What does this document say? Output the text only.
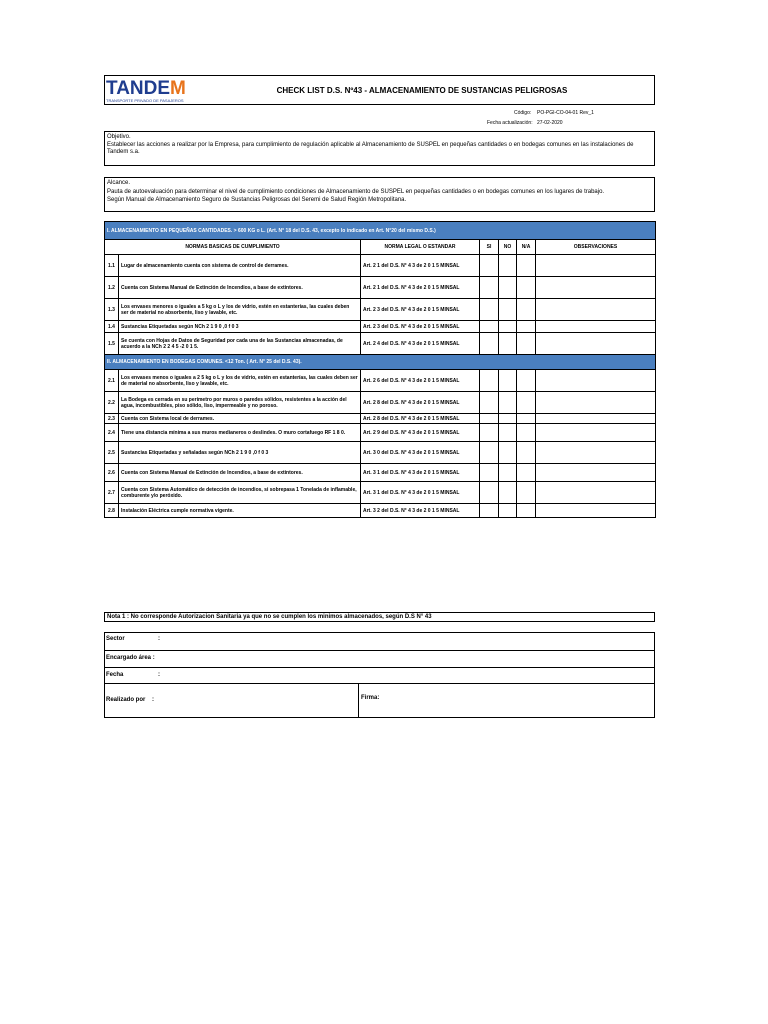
TANDEM
TRANSPORTE PRIVADO DE PASAJEROS
CHECK LIST D.S. Nº43 - ALMACENAMIENTO DE SUSTANCIAS PELIGROSAS
Código: PO-PGI-CO-04-01 Rev_1
Fecha actualización: 27-02-2020
Objetivo.
Establecer las acciones a realizar por la Empresa, para cumplimiento de regulación aplicable al Almacenamiento de SUSPEL en pequeñas cantidades o en bodegas comunes en las instalaciones de Tandem s.a.
Alcance.
Pauta de autoevaluación para determinar el nivel de cumplimiento condiciones de Almacenamiento de SUSPEL en pequeñas cantidades o en bodegas comunes en los lugares de trabajo.
Según Manual de Almacenamiento Seguro de Sustancias Peligrosas del Seremi de Salud Región Metropolitana.
I. ALMACENAMIENTO EN PEQUEÑAS CANTIDADES. > 600 KG o L. (Art. N° 18 del D.S. 43, excepto lo indicado en Art. N°20 del mismo D.S.)						
NORMAS BASICAS DE CUMPLIMIENTO		NORMA LEGAL O ESTANDAR	SI	NO	N/A	OBSERVACIONES
1.1	Lugar de almacenamiento cuenta con sistema de control de derrames.	Art. 2 1 del D.S. N° 4 3 de 2 0 1 5 MINSAL				
1.2	Cuenta con Sistema Manual de Extinción de Incendios, a base de extintores.	Art. 2 1 del D.S. N° 4 3 de 2 0 1 5 MINSAL				
1.3	Los envases menores o iguales a 5 kg o L y los de vidrio, estén en estanterías, las cuales deben ser de material no absorbente, liso y lavable, etc.	Art. 2 3 del D.S. N° 4 3 de 2 0 1 5 MINSAL				
1.4	Sustancias Etiquetadas según NCh 2 1 9 0 ,0 f 0 3	Art. 2 3 del D.S. N° 4 3 de 2 0 1 5 MINSAL				
1.5	Se cuenta con Hojas de Datos de Seguridad por cada una de las Sustancias almacenadas, de acuerdo a la NCh 2 2 4 5 -2 0 1 5.	Art. 2 4 del D.S. N° 4 3 de 2 0 1 5 MINSAL				
II. ALMACENAMIENTO EN BODEGAS COMUNES. <12 Ton. ( Art. N° 25 del D.S. 43).						
2.1	Los envases menos o iguales a 2 5 kg o L y los de vidrio, estén en estanterías, las cuales deben ser de material no absorbente, liso y lavable, etc.	Art. 2 6 del D.S. N° 4 3 de 2 0 1 5 MINSAL				
2.2	La Bodega es cerrada en su perímetro por muros o paredes sólidos, resistentes a la acción del agua, incombustibles, piso sólido, liso, impermeable y no poroso.	Art. 2 8 del D.S. N° 4 3 de 2 0 1 5 MINSAL				
2.3	Cuenta con Sistema local de derrames.	Art. 2 8 del D.S. N° 4 3 de 2 0 1 5 MINSAL				
2.4	Tiene una distancia mínima a sus muros medianeros o deslindes. O muro cortafuego RF 1 8 0.	Art. 2 9 del D.S. N° 4 3 de 2 0 1 5 MINSAL				
2.5	Sustancias Etiquetadas y señaladas según NCh 2 1 9 0 ,0 f 0 3	Art. 3 0 del D.S. N° 4 3 de 2 0 1 5 MINSAL				
2.6	Cuenta con Sistema Manual de Extinción de Incendios, a base de extintores.	Art. 3 1 del D.S. N° 4 3 de 2 0 1 5 MINSAL				
2.7	Cuenta con Sistema Automático de detección de incendios, si sobrepasa 1 Tonelada de inflamable, comburente y/o peróxido.	Art. 3 1 del D.S. N° 4 3 de 2 0 1 5 MINSAL				
2.8	Instalación Eléctrica cumple normativa vigente.	Art. 3 2 del D.S. N° 4 3 de 2 0 1 5 MINSAL				
Nota 1 : No corresponde Autorizacion Sanitaria ya que no se cumplen los minimos almacenados, según D.S N° 43
Sector	:
Encargado área :
Fecha	:
Realizado por :	Firma:
